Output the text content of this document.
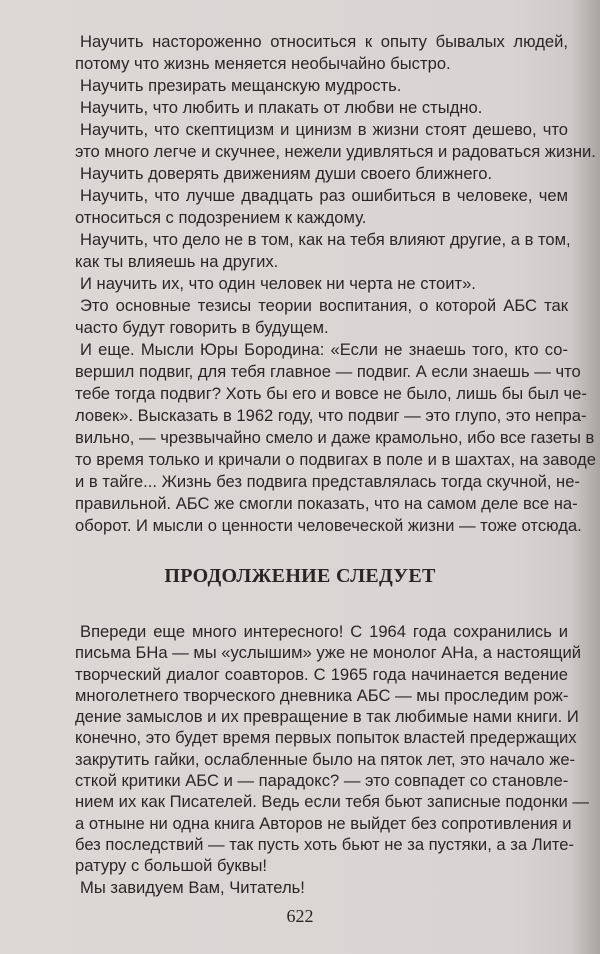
Научить настороженно относиться к опыту бывалых людей,
потому что жизнь меняется необычайно быстро.
Научить презирать мещанскую мудрость.
Научить, что любить и плакать от любви не стыдно.
Научить, что скептицизм и цинизм в жизни стоят дешево, что
это много легче и скучнее, нежели удивляться и радоваться жизни.
Научить доверять движениям души своего ближнего.
Научить, что лучше двадцать раз ошибиться в человеке, чем
относиться с подозрением к каждому.
Научить, что дело не в том, как на тебя влияют другие, а в том,
как ты влияешь на других.
И научить их, что один человек ни черта не стоит».
Это основные тезисы теории воспитания, о которой АБС так
часто будут говорить в будущем.
И еще. Мысли Юры Бородина: «Если не знаешь того, кто со-
вершил подвиг, для тебя главное — подвиг. А если знаешь — что
тебе тогда подвиг? Хоть бы его и вовсе не было, лишь бы был че-
ловек». Высказать в 1962 году, что подвиг — это глупо, это непра-
вильно, — чрезвычайно смело и даже крамольно, ибо все газеты в
то время только и кричали о подвигах в поле и в шахтах, на заводе
и в тайге... Жизнь без подвига представлялась тогда скучной, не-
правильной. АБС же смогли показать, что на самом деле все на-
оборот. И мысли о ценности человеческой жизни — тоже отсюда.
ПРОДОЛЖЕНИЕ СЛЕДУЕТ
Впереди еще много интересного! С 1964 года сохранились и
письма БНа — мы «услышим» уже не монолог АНа, а настоящий
творческий диалог соавторов. С 1965 года начинается ведение
многолетнего творческого дневника АБС — мы проследим рож-
дение замыслов и их превращение в так любимые нами книги. И
конечно, это будет время первых попыток властей предержащих
закрутить гайки, ослабленные было на пяток лет, это начало же-
сткой критики АБС и — парадокс? — это совпадет со становле-
нием их как Писателей. Ведь если тебя бьют записные подонки —
а отныне ни одна книга Авторов не выйдет без сопротивления и
без последствий — так пусть хоть бьют не за пустяки, а за Лите-
ратуру с большой буквы!
Мы завидуем Вам, Читатель!
622
